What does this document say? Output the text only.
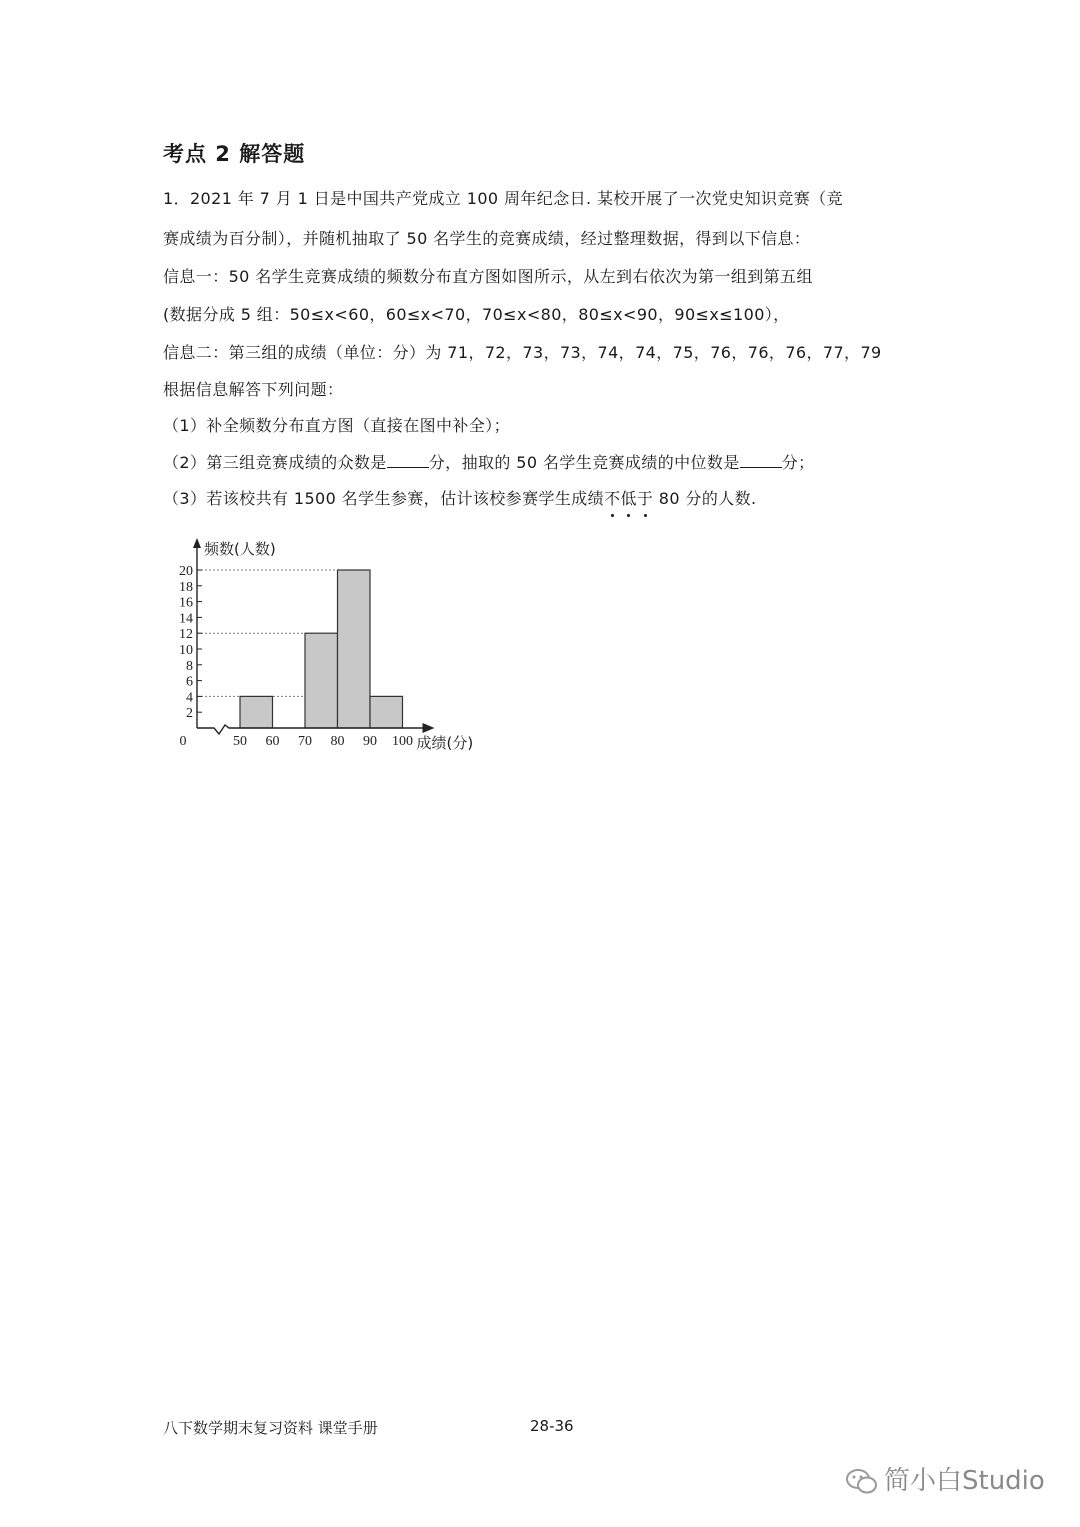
考点 2 解答题
1．2021 年 7 月 1 日是中国共产党成立 100 周年纪念日. 某校开展了一次党史知识竞赛（竞
赛成绩为百分制），并随机抽取了 50 名学生的竞赛成绩，经过整理数据，得到以下信息：
信息一：50 名学生竞赛成绩的频数分布直方图如图所示，从左到右依次为第一组到第五组
(数据分成 5 组：50≤x<60，60≤x<70，70≤x<80，80≤x<90，90≤x≤100），
信息二：第三组的成绩（单位：分）为 71，72，73，73，74，74，75，76，76，76，77，79
根据信息解答下列问题：
（1）补全频数分布直方图（直接在图中补全）；
（2）第三组竞赛成绩的众数是	分，抽取的 50 名学生竞赛成绩的中位数是	分；
（3）若该校共有 1500 名学生参赛，估计该校参赛学生成绩不
低
于
80 分的人数.
2
4
6
8
10
12
14
16
18
20
0	50 60 70 80 90 100
频数(人数)
成绩(分)
八下数学期末复习资料 课堂手册	28-36
简小白Studio
